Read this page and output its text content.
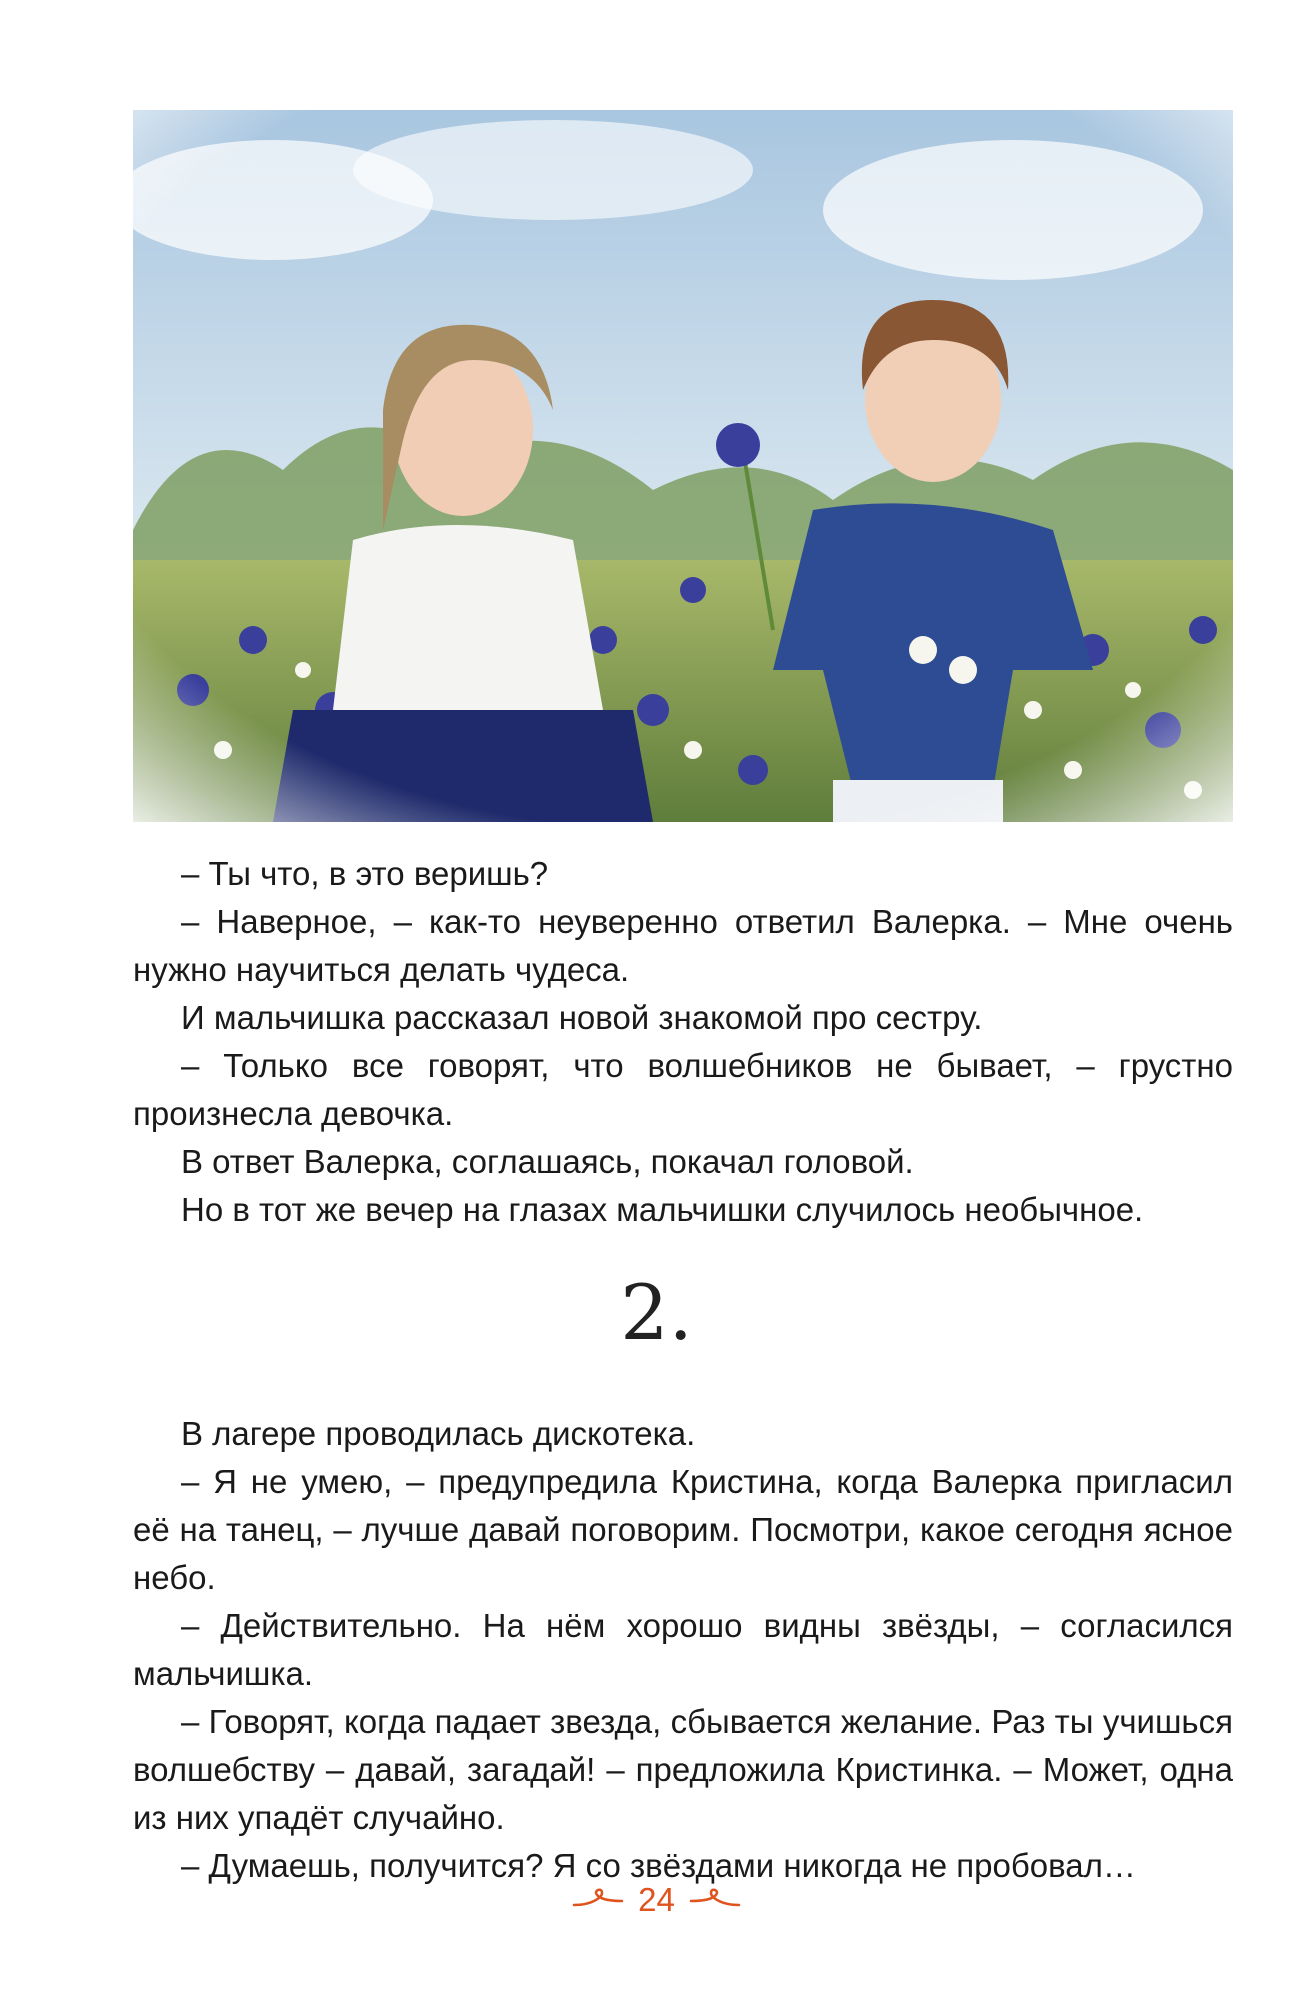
– Ты что, в это веришь?

– Наверное, – как-то неуверенно ответил Валерка. – Мне очень нужно научиться делать чудеса.

И мальчишка рассказал новой знакомой про сестру.

– Только все говорят, что волшебников не бывает, – грустно произнесла девочка.

В ответ Валерка, соглашаясь, покачал головой.

Но в тот же вечер на глазах мальчишки случилось необычное.

2.

В лагере проводилась дискотека.

– Я не умею, – предупредила Кристина, когда Валерка пригласил её на танец, – лучше давай поговорим. Посмотри, какое сегодня ясное небо.

– Действительно. На нём хорошо видны звёзды, – согласился мальчишка.

– Говорят, когда падает звезда, сбывается желание. Раз ты учишься волшебству – давай, загадай! – предложила Кристинка. – Может, одна из них упадёт случайно.

– Думаешь, получится? Я со звёздами никогда не пробовал…

24
